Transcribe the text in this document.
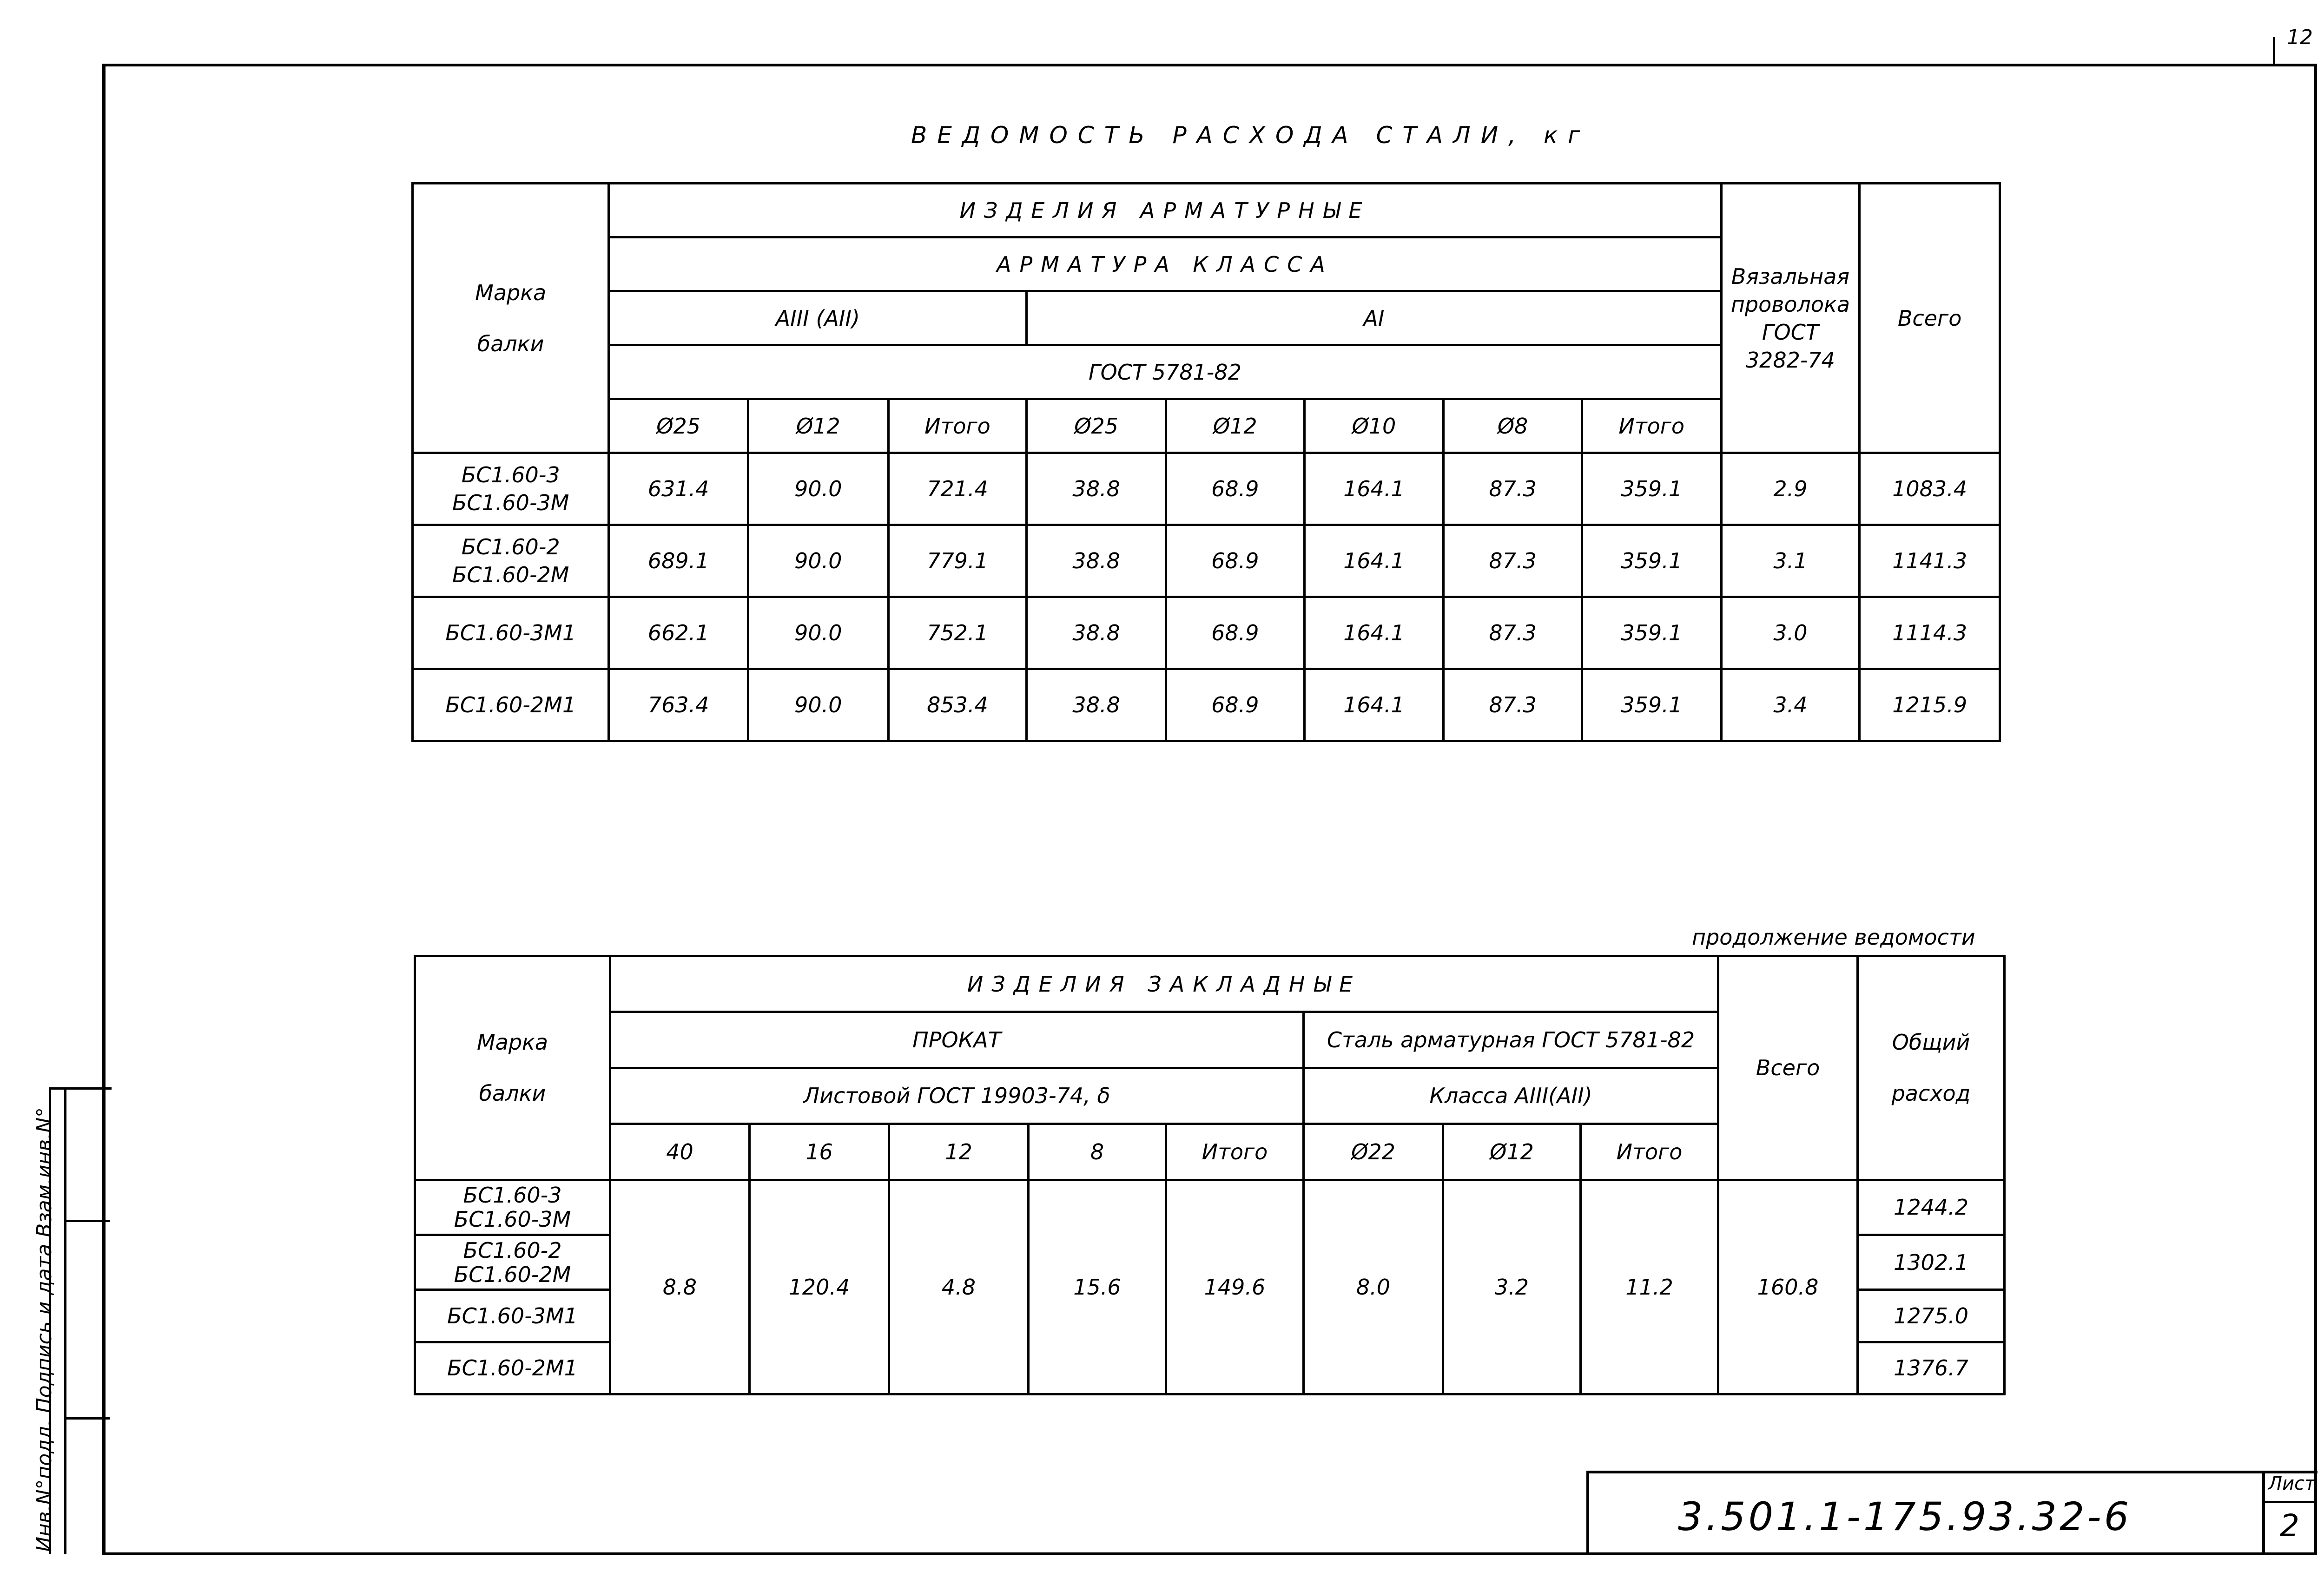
12
ВЕДОМОСТЬ РАСХОДА СТАЛИ, кг
Марка
балки	ИЗДЕЛИЯ АРМАТУРНЫЕ								Вязальная
проволока
ГОСТ
3282-74	Всего
	АРМАТУРА КЛАССА									
	AIII (AII)			AI						
	ГОСТ 5781-82									
	Ø25	Ø12	Итого	Ø25	Ø12	Ø10	Ø8	Итого		

БС1.60-3
БС1.60-3М	631.4	90.0	721.4	38.8	68.9	164.1	87.3	359.1	2.9	1083.4

БС1.60-2
БС1.60-2М	689.1	90.0	779.1	38.8	68.9	164.1	87.3	359.1	3.1	1141.3

БС1.60-3М1	662.1	90.0	752.1	38.8	68.9	164.1	87.3	359.1	3.0	1114.3

БС1.60-2М1	763.4	90.0	853.4	38.8	68.9	164.1	87.3	359.1	3.4	1215.9
продолжение ведомости
Марка
балки	ИЗДЕЛИЯ ЗАКЛАДНЫЕ								Всего	Общий
расход

	ПРОКАТ					Сталь арматурная ГОСТ 5781-82				
	Листовой ГОСТ 19903-74, δ					Класса AIII(AII)				
	40	16	12	8	Итого	Ø22	Ø12	Итого		

БС1.60-3
БС1.60-3М	8.8	120.4	4.8	15.6	149.6	8.0	3.2	11.2	160.8	1244.2

БС1.60-2
БС1.60-2М										1302.1

БС1.60-3М1										1275.0

БС1.60-2М1										1376.7
Инв.N°подл. Подпись и дата Взам.инв.N°	3.501.1-175.93.32-6
Лист
2
